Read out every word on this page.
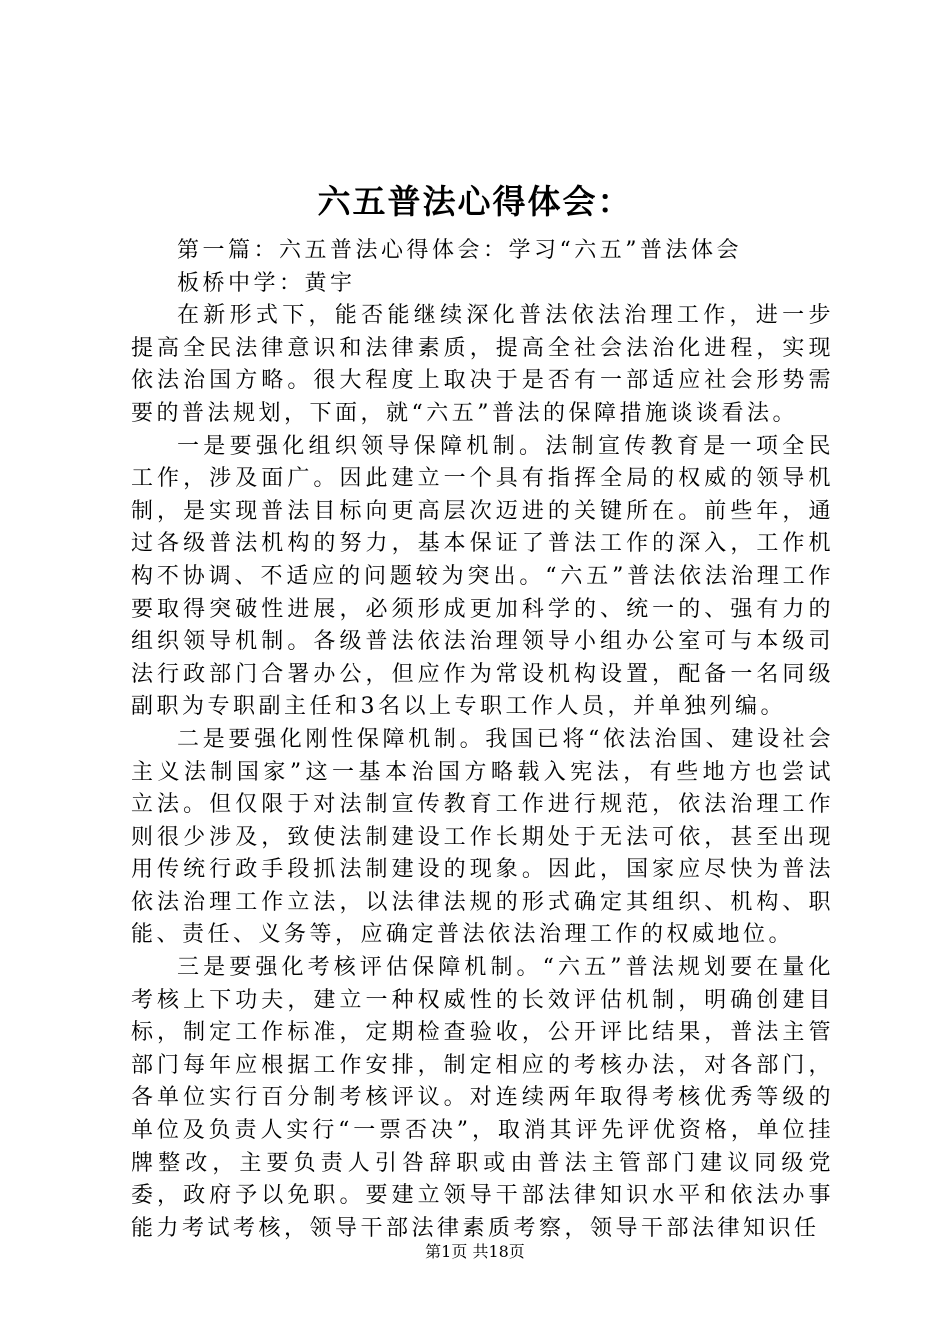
六五普法心得体会：

第一篇：六五普法心得体会：学习“六五”普法体会

板桥中学：黄宇

在新形式下，能否能继续深化普法依法治理工作，进一步提高全民法律意识和法律素质，提高全社会法治化进程，实现依法治国方略。很大程度上取决于是否有一部适应社会形势需要的普法规划，下面，就“六五”普法的保障措施谈谈看法。

一是要强化组织领导保障机制。法制宣传教育是一项全民工作，涉及面广。因此建立一个具有指挥全局的权威的领导机制，是实现普法目标向更高层次迈进的关键所在。前些年，通过各级普法机构的努力，基本保证了普法工作的深入，工作机构不协调、不适应的问题较为突出。“六五”普法依法治理工作要取得突破性进展，必须形成更加科学的、统一的、强有力的组织领导机制。各级普法依法治理领导小组办公室可与本级司法行政部门合署办公，但应作为常设机构设置，配备一名同级副职为专职副主任和3名以上专职工作人员，并单独列编。

二是要强化刚性保障机制。我国已将“依法治国、建设社会主义法制国家”这一基本治国方略载入宪法，有些地方也尝试立法。但仅限于对法制宣传教育工作进行规范，依法治理工作则很少涉及，致使法制建设工作长期处于无法可依，甚至出现用传统行政手段抓法制建设的现象。因此，国家应尽快为普法依法治理工作立法，以法律法规的形式确定其组织、机构、职能、责任、义务等，应确定普法依法治理工作的权威地位。

三是要强化考核评估保障机制。“六五”普法规划要在量化考核上下功夫，建立一种权威性的长效评估机制，明确创建目标，制定工作标准，定期检查验收，公开评比结果，普法主管部门每年应根据工作安排，制定相应的考核办法，对各部门，各单位实行百分制考核评议。对连续两年取得考核优秀等级的单位及负责人实行“一票否决”，取消其评先评优资格，单位挂牌整改，主要负责人引咎辞职或由普法主管部门建议同级党委，政府予以免职。要建立领导干部法律知识水平和依法办事能力考试考核，领导干部法律素质考察，领导干部法律知识任

第1页 共18页
